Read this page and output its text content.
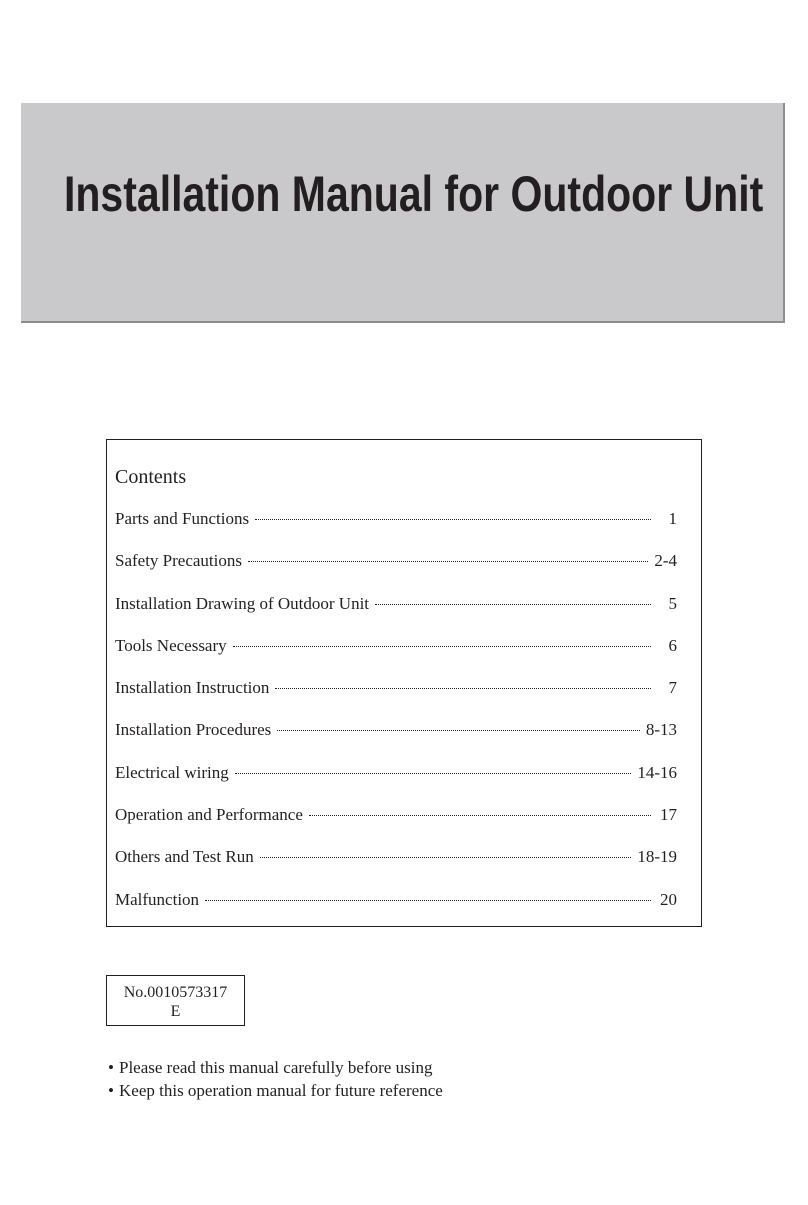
Installation Manual for Outdoor Unit
Contents
Parts and Functions	1
Safety Precautions	2-4
Installation Drawing of Outdoor Unit	5
Tools Necessary	6
Installation Instruction	7
Installation Procedures	8-13
Electrical wiring	14-16
Operation and Performance	17
Others and Test Run	18-19
Malfunction	20
No.0010573317
E
• Please read this manual carefully before using
• Keep this operation manual for future reference
